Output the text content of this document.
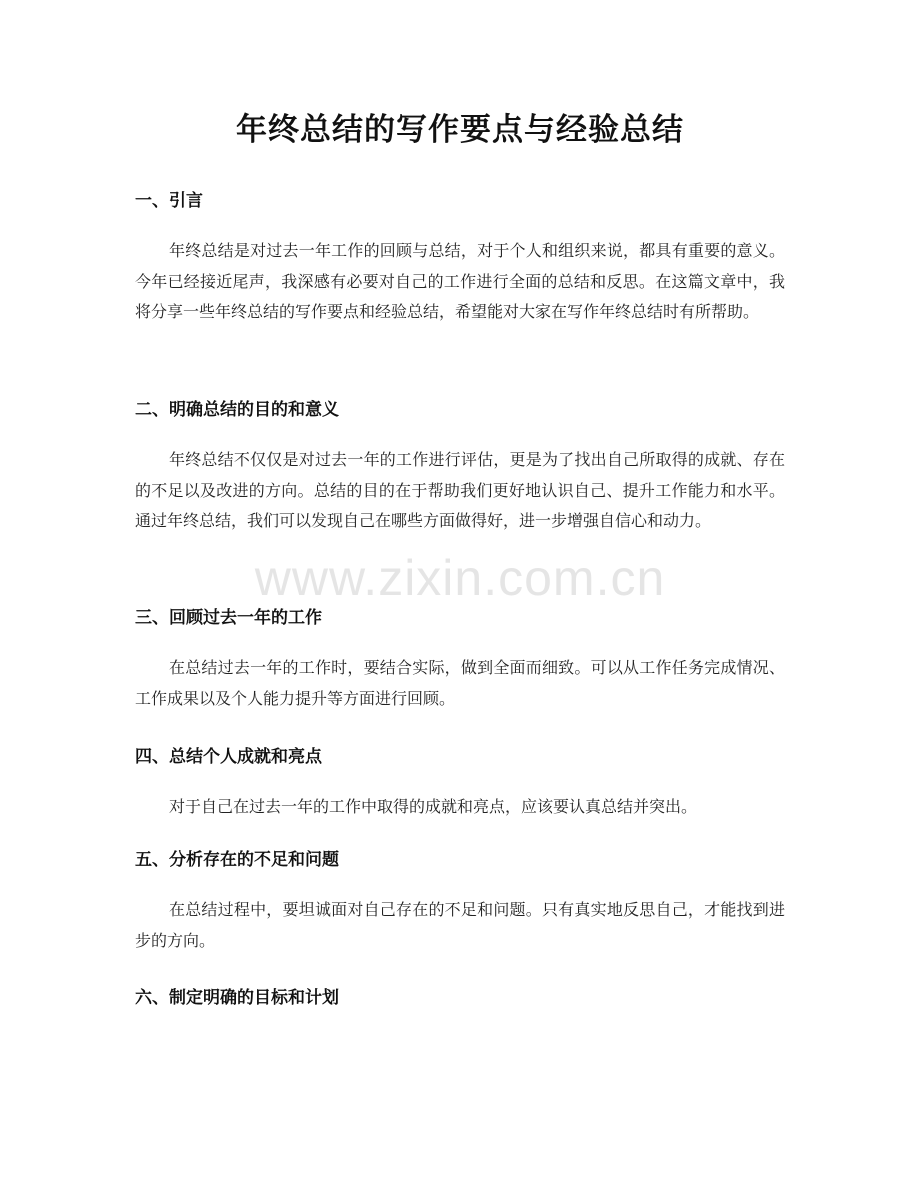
年终总结的写作要点与经验总结
一、引言
年终总结是对过去一年工作的回顾与总结，对于个人和组织来说，都具有重要的意义。今年已经接近尾声，我深感有必要对自己的工作进行全面的总结和反思。在这篇文章中，我将分享一些年终总结的写作要点和经验总结，希望能对大家在写作年终总结时有所帮助。
二、明确总结的目的和意义
年终总结不仅仅是对过去一年的工作进行评估，更是为了找出自己所取得的成就、存在的不足以及改进的方向。总结的目的在于帮助我们更好地认识自己、提升工作能力和水平。通过年终总结，我们可以发现自己在哪些方面做得好，进一步增强自信心和动力。
三、回顾过去一年的工作
在总结过去一年的工作时，要结合实际，做到全面而细致。可以从工作任务完成情况、工作成果以及个人能力提升等方面进行回顾。
四、总结个人成就和亮点
对于自己在过去一年的工作中取得的成就和亮点，应该要认真总结并突出。
五、分析存在的不足和问题
在总结过程中，要坦诚面对自己存在的不足和问题。只有真实地反思自己，才能找到进步的方向。
六、制定明确的目标和计划
www.zixin.com.cn
